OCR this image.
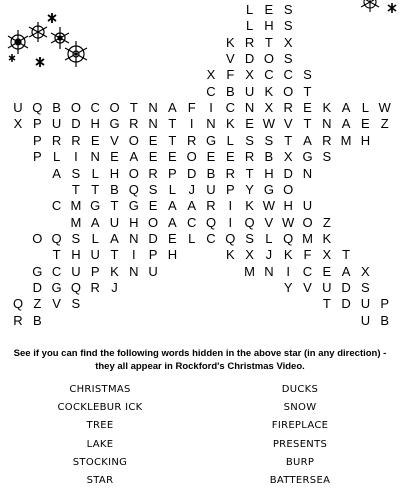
L E S
L H S
K R T X
V D O S
X F X C C S
C B U K O T
U Q B O C O T N A F	I C N X R E K A L W
X P U D H G R N T	I N K E W V T N A E Z
P R R E V O E T R G L S S T A R M H
P L	I N E A E E O E E R B X G S
A S L H O R P D B R T H D N
T T B Q S L J U P Y G O
C M G T G E A A R I	K W H U
M A U H O A C Q I Q V W O Z
O Q S L A N D E L C Q S L Q M K
T H U T	I	P H	K X J K F X T
G C U P K N U	M N I C E A X
D G Q R J	Y V U D S
Q Z V S	T D U P
R B	U B
See if you can find the following words hidden in the above star (in any direction) - they all appear in Rockford's Christmas Video.
CHRISTMAS
COCKLEBUR ICK
TREE
LAKE
STOCKING
STAR
DUCKS
SNOW
FIREPLACE
PRESENTS
BURP
BATTERSEA
